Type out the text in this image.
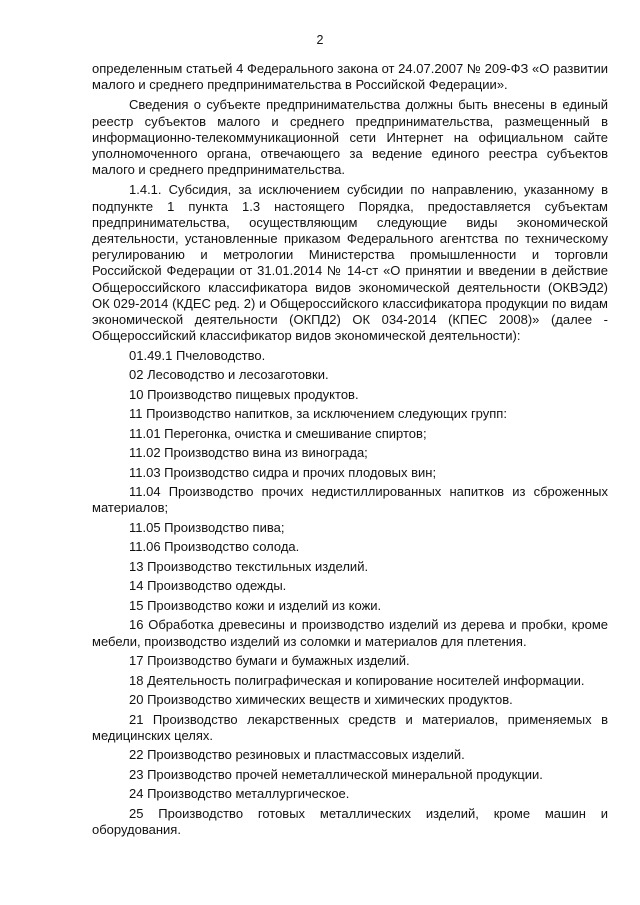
2

определенным статьей 4 Федерального закона от 24.07.2007 № 209-ФЗ «О развитии малого и среднего предпринимательства в Российской Федерации».

Сведения о субъекте предпринимательства должны быть внесены в единый реестр субъектов малого и среднего предпринимательства, размещенный в информационно-телекоммуникационной сети Интернет на официальном сайте уполномоченного органа, отвечающего за ведение единого реестра субъектов малого и среднего предпринимательства.

1.4.1. Субсидия, за исключением субсидии по направлению, указанному в подпункте 1 пункта 1.3 настоящего Порядка, предоставляется субъектам предпринимательства, осуществляющим следующие виды экономической деятельности, установленные приказом Федерального агентства по техническому регулированию и метрологии Министерства промышленности и торговли Российской Федерации от 31.01.2014 № 14-ст «О принятии и введении в действие Общероссийского классификатора видов экономической деятельности (ОКВЭД2) ОК 029-2014 (КДЕС ред. 2) и Общероссийского классификатора продукции по видам экономической деятельности (ОКПД2) ОК 034-2014 (КПЕС 2008)» (далее - Общероссийский классификатор видов экономической деятельности):

01.49.1 Пчеловодство.

02 Лесоводство и лесозаготовки.

10 Производство пищевых продуктов.

11 Производство напитков, за исключением следующих групп:

11.01 Перегонка, очистка и смешивание спиртов;

11.02 Производство вина из винограда;

11.03 Производство сидра и прочих плодовых вин;

11.04 Производство прочих недистиллированных напитков из сброженных материалов;

11.05 Производство пива;

11.06 Производство солода.

13 Производство текстильных изделий.

14 Производство одежды.

15 Производство кожи и изделий из кожи.

16 Обработка древесины и производство изделий из дерева и пробки, кроме мебели, производство изделий из соломки и материалов для плетения.

17 Производство бумаги и бумажных изделий.

18 Деятельность полиграфическая и копирование носителей информации.

20 Производство химических веществ и химических продуктов.

21 Производство лекарственных средств и материалов, применяемых в медицинских целях.

22 Производство резиновых и пластмассовых изделий.

23 Производство прочей неметаллической минеральной продукции.

24 Производство металлургическое.

25 Производство готовых металлических изделий, кроме машин и оборудования.
